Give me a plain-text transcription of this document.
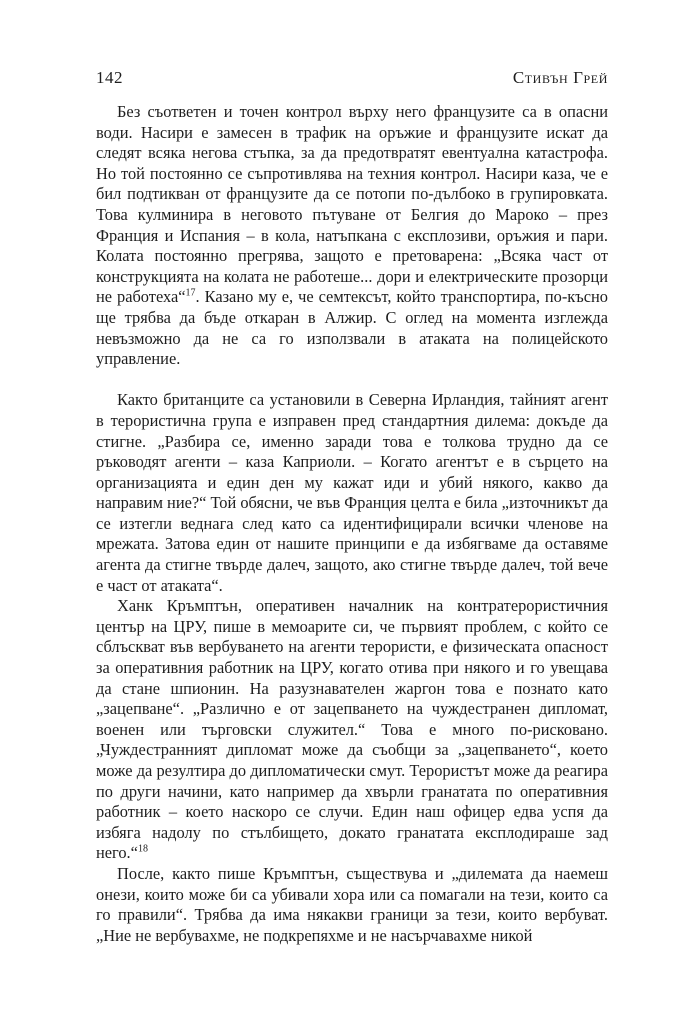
142	Стивън Грей

Без съответен и точен контрол върху него французите са в опасни води. Насири е замесен в трафик на оръжие и французите искат да следят всяка негова стъпка, за да предотвратят евентуална катастрофа. Но той постоянно се съпротивлява на техния контрол. Насири каза, че е бил подтикван от французите да се потопи по-дълбоко в групировката. Това кулминира в неговото пътуване от Белгия до Мароко – през Франция и Испания – в кола, натъпкана с експлозиви, оръжия и пари. Колата постоянно прегрява, защото е претоварена: „Всяка част от конструкцията на колата не работеше... дори и електрическите прозорци не работеха“$^{17}$. Казано му е, че семтексът, който транспортира, по-късно ще трябва да бъде откаран в Алжир. С оглед на момента изглежда невъзможно да не са го използвали в атаката на полицейското управление.

Както британците са установили в Северна Ирландия, тайният агент в терористична група е изправен пред стандартния дилема: докъде да стигне. „Разбира се, именно заради това е толкова трудно да се ръководят агенти – каза Каприоли. – Когато агентът е в сърцето на организацията и един ден му кажат иди и убий някого, какво да направим ние?“ Той обясни, че във Франция целта е била „източникът да се изтегли веднага след като са идентифицирали всички членове на мрежата. Затова един от нашите принципи е да избягваме да оставяме агента да стигне твърде далеч, защото, ако стигне твърде далеч, той вече е част от атаката“.

Ханк Кръмптън, оперативен началник на контратерористичния център на ЦРУ, пише в мемоарите си, че първият проблем, с който се сблъскват във вербуването на агенти терористи, е физическата опасност за оперативния работник на ЦРУ, когато отива при някого и го увещава да стане шпионин. На разузнавателен жаргон това е познато като „зацепване“. „Различно е от зацепването на чуждестранен дипломат, военен или търговски служител.“ Това е много по-рисковано. „Чуждестранният дипломат може да съобщи за „зацепването“, което може да резултира до дипломатически смут. Терористът може да реагира по други начини, като например да хвърли гранатата по оперативния работник – което наскоро се случи. Един наш офицер едва успя да избяга надолу по стълбището, докато гранатата експлодираше зад него.“$^{18}$

После, както пише Кръмптън, съществува и „дилемата да наемеш онези, които може би са убивали хора или са помагали на тези, които са го правили“. Трябва да има някакви граници за тези, които вербуват. „Ние не вербувахме, не подкрепяхме и не насърчавахме никой
